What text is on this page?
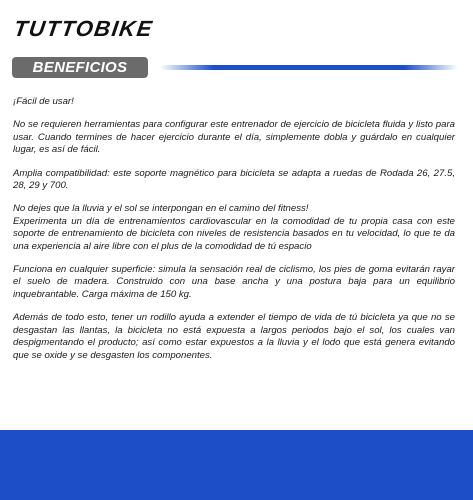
TUTTOBIKE
BENEFICIOS

¡Fácil de usar!

No se requieren herramientas para configurar este entrenador de ejercicio de bicicleta fluida y listo para usar. Cuando termines de hacer ejercicio durante el día, simplemente dobla y guárdalo en cualquier lugar, es así de fácil.

Amplia compatibilidad: este soporte magnético para bicicleta se adapta a ruedas de Rodada 26, 27.5, 28, 29 y 700.

No dejes que la lluvia y el sol se interpongan en el camino del fitness!

Experimenta un día de entrenamientos cardiovascular en la comodidad de tu propia casa con este soporte de entrenamiento de bicicleta con niveles de resistencia basados en tu velocidad, lo que te da una experiencia al aire libre con el plus de la comodidad de tú espacio

Funciona en cualquier superficie: simula la sensación real de ciclismo, los pies de goma evitarán rayar el suelo de madera. Construido con una base ancha y una postura baja para un equilibrio inquebrantable. Carga máxima de 150 kg.

Además de todo esto, tener un rodillo ayuda a extender el tiempo de vida de tú bicicleta ya que no se desgastan las llantas, la bicicleta no está expuesta a largos periodos bajo el sol, los cuales van despigmentando el producto; así como estar expuestos a la lluvia y el lodo que está genera evitando que se oxide y se desgasten los componentes.
